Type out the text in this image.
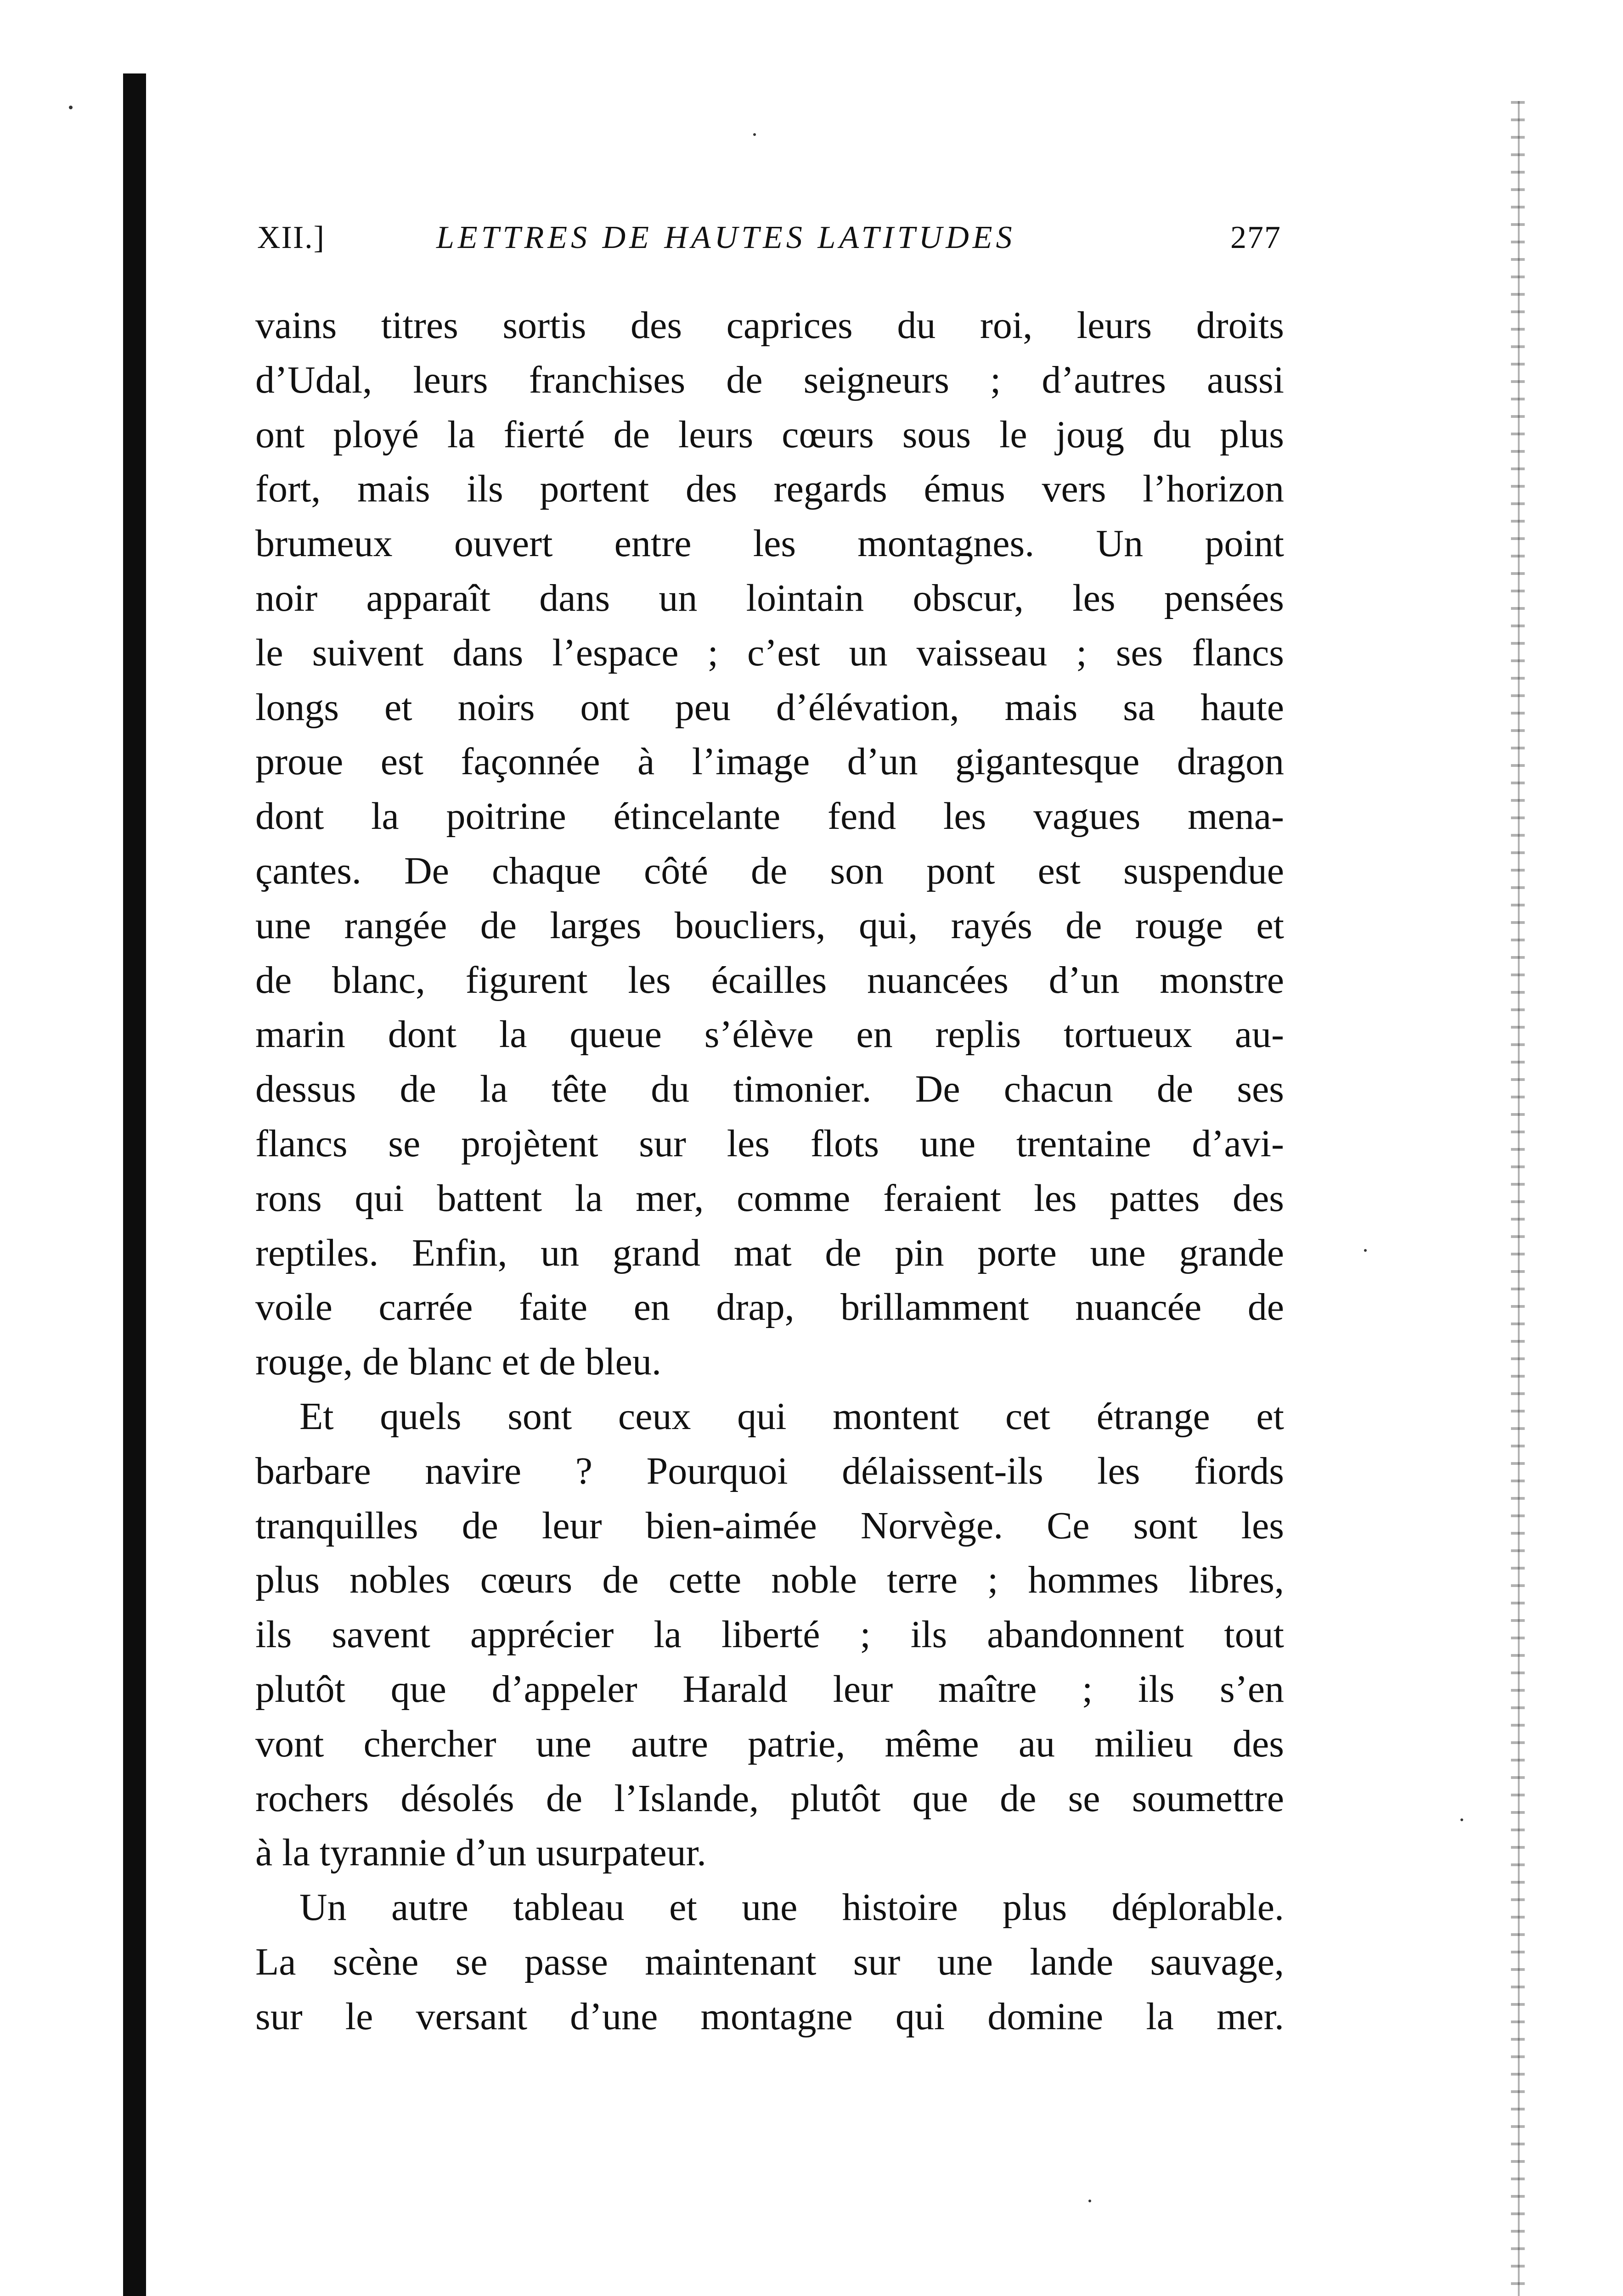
XII.]	LETTRES DE HAUTES LATITUDES	277
vains titres sortis des caprices du roi, leurs droits
d’Udal, leurs franchises de seigneurs ; d’autres aussi
ont ployé la fierté de leurs cœurs sous le joug du plus
fort, mais ils portent des regards émus vers l’horizon
brumeux ouvert entre les montagnes. Un point
noir apparaît dans un lointain obscur, les pensées
le suivent dans l’espace ; c’est un vaisseau ; ses flancs
longs et noirs ont peu d’élévation, mais sa haute
proue est façonnée à l’image d’un gigantesque dragon
dont la poitrine étincelante fend les vagues mena-
çantes. De chaque côté de son pont est suspendue
une rangée de larges boucliers, qui, rayés de rouge et
de blanc, figurent les écailles nuancées d’un monstre
marin dont la queue s’élève en replis tortueux au-
dessus de la tête du timonier. De chacun de ses
flancs se projètent sur les flots une trentaine d’avi-
rons qui battent la mer, comme feraient les pattes des
reptiles. Enfin, un grand mat de pin porte une grande
voile carrée faite en drap, brillamment nuancée de
rouge, de blanc et de bleu.
Et quels sont ceux qui montent cet étrange et
barbare navire ? Pourquoi délaissent-ils les fiords
tranquilles de leur bien-aimée Norvège. Ce sont les
plus nobles cœurs de cette noble terre ; hommes libres,
ils savent apprécier la liberté ; ils abandonnent tout
plutôt que d’appeler Harald leur maître ; ils s’en
vont chercher une autre patrie, même au milieu des
rochers désolés de l’Islande, plutôt que de se soumettre
à la tyrannie d’un usurpateur.
Un autre tableau et une histoire plus déplorable.
La scène se passe maintenant sur une lande sauvage,
sur le versant d’une montagne qui domine la mer.
